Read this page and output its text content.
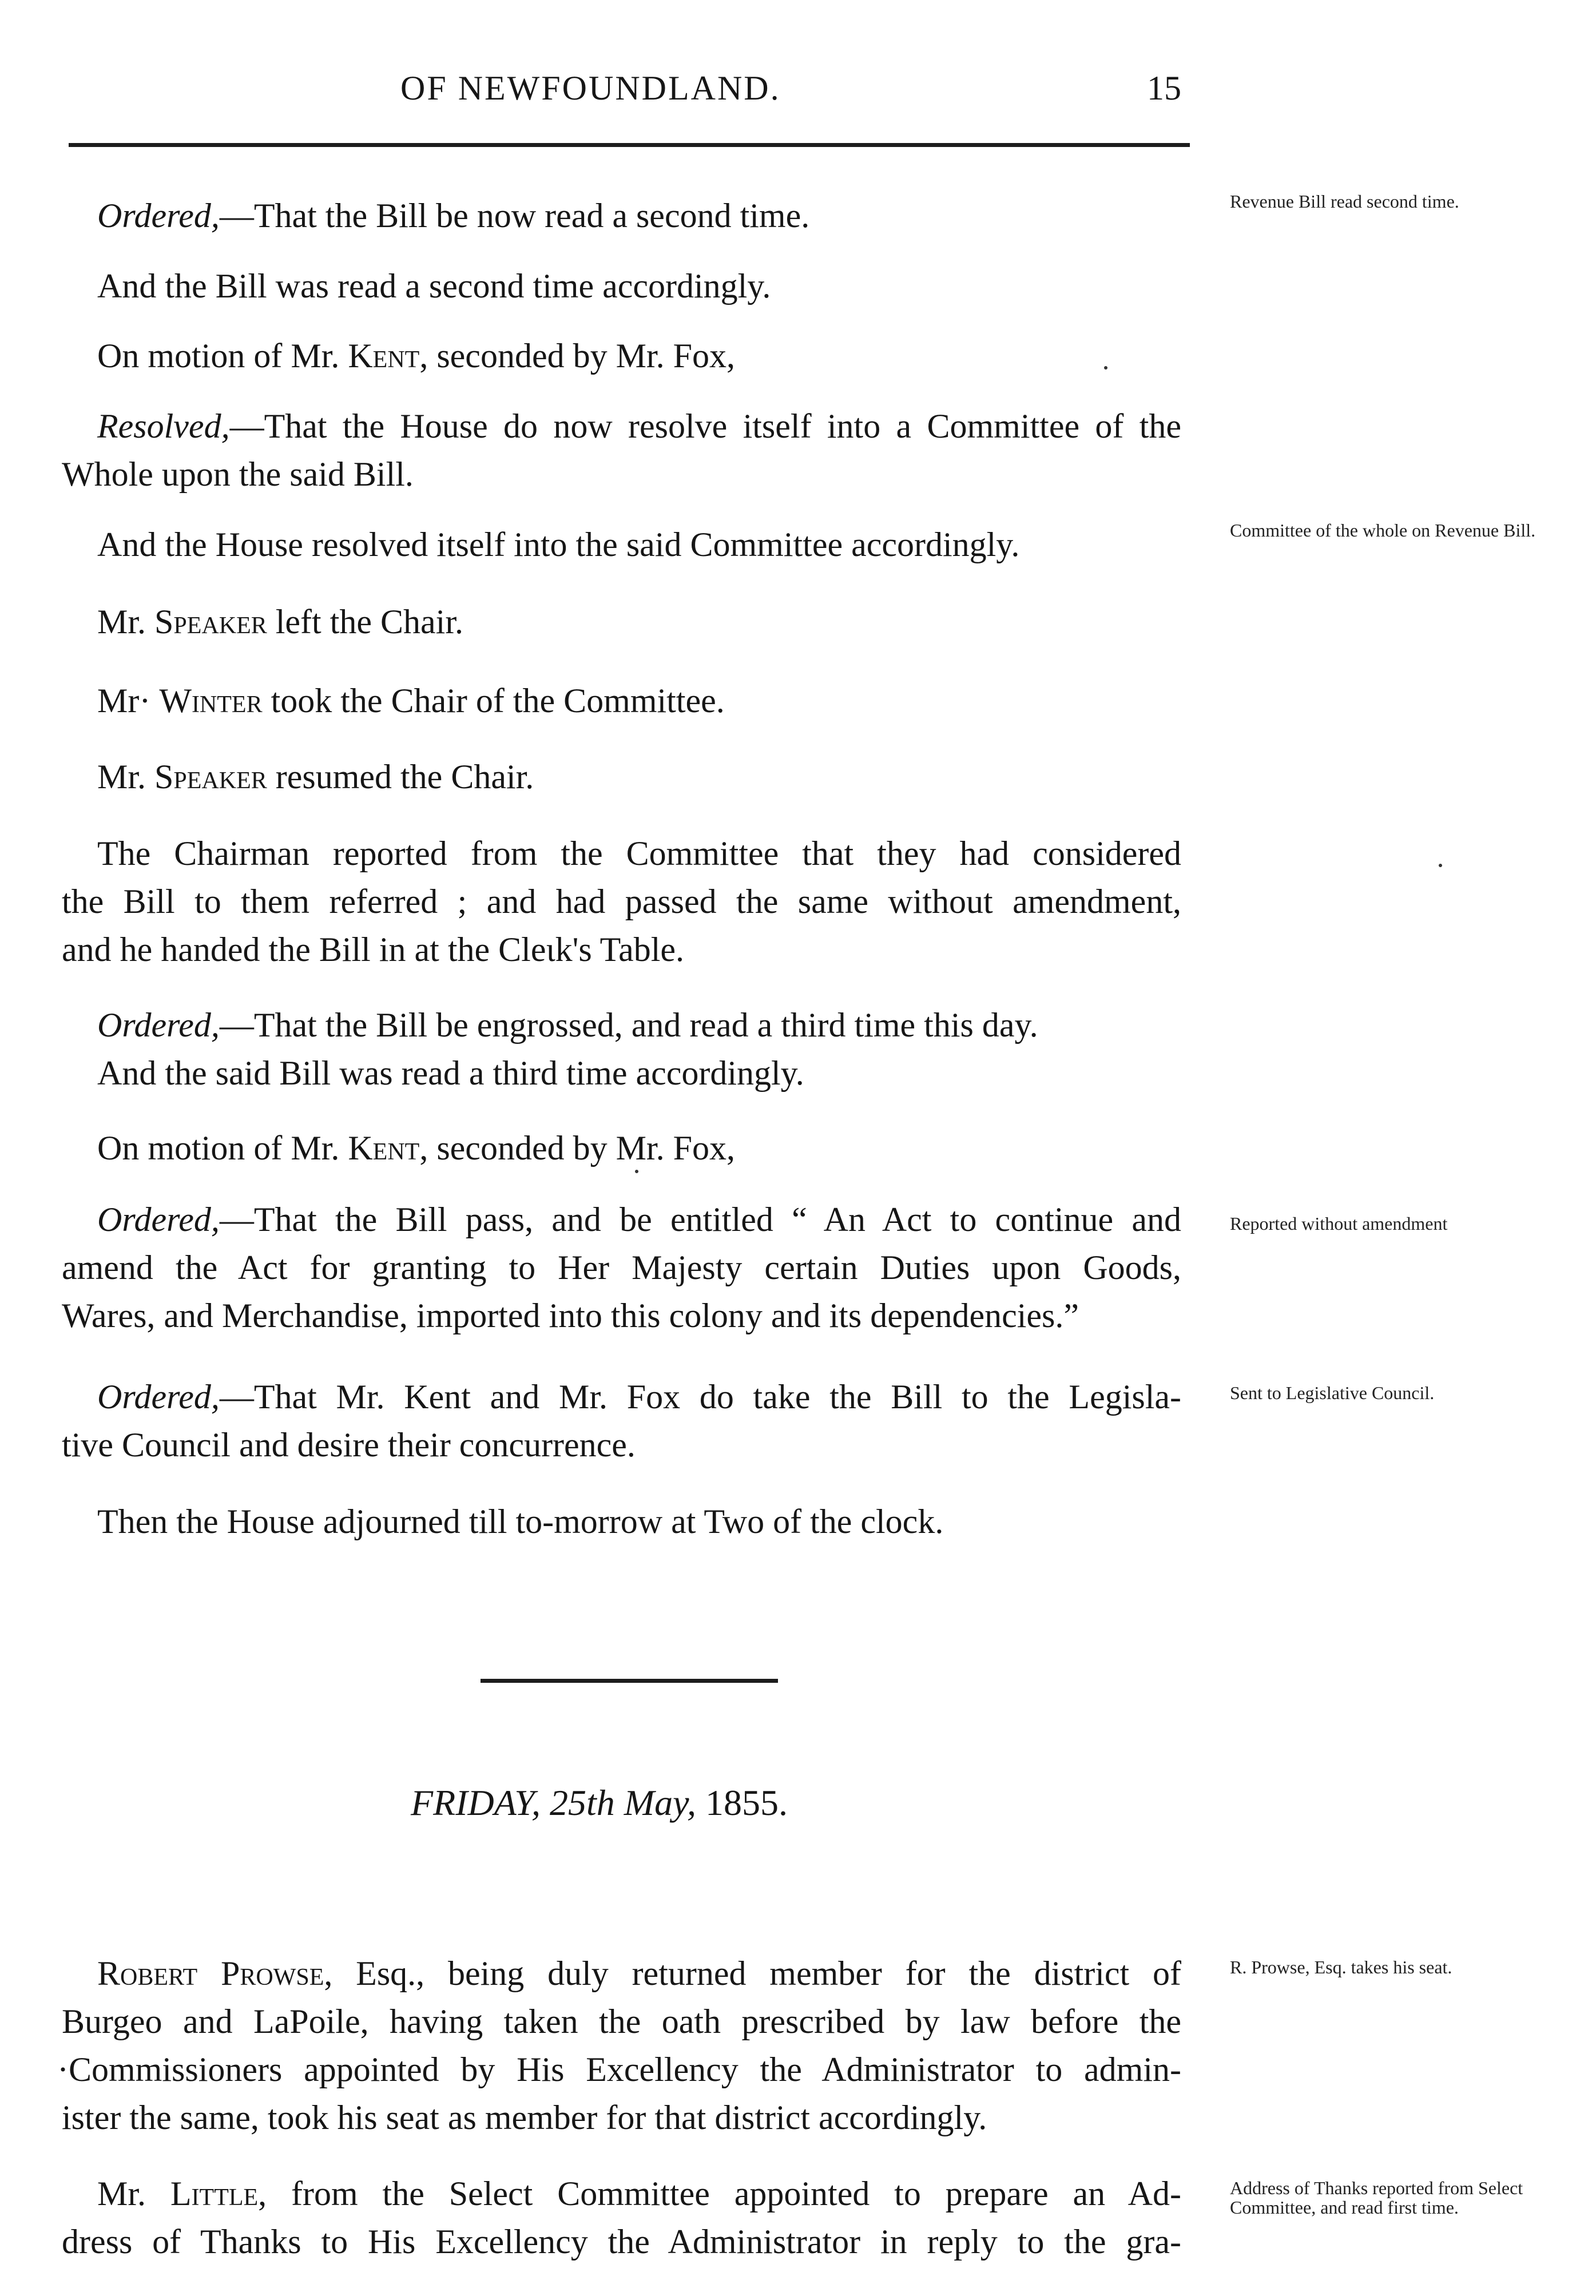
OF NEWFOUNDLAND.	15
Ordered,—That the Bill be now read a second time.
And the Bill was read a second time accordingly.
On motion of Mr. Kent, seconded by Mr. Fox,
Resolved,—That the House do now resolve itself into a Committee of the
Whole upon the said Bill.
And the House resolved itself into the said Committee accordingly.
Mr. Speaker left the Chair.
Mr· Winter took the Chair of the Committee.
Mr. Speaker resumed the Chair.
The Chairman reported from the Committee that they had considered
the Bill to them referred ; and had passed the same without amendment,
and he handed the Bill in at the Cleιk's Table.
Ordered,—That the Bill be engrossed, and read a third time this day.
And the said Bill was read a third time accordingly.
On motion of Mr. Kent, seconded by Mr. Fox,
Ordered,—That the Bill pass, and be entitled “ An Act to continue and
amend the Act for granting to Her Majesty certain Duties upon Goods,
Wares, and Merchandise, imported into this colony and its dependencies.”
Ordered,—That Mr. Kent and Mr. Fox do take the Bill to the Legisla-
tive Council and desire their concurrence.
Then the House adjourned till to-morrow at Two of the clock.
FRIDAY, 25th May, 1855.
Robert Prowse, Esq., being duly returned member for the district of
Burgeo and LaPoile, having taken the oath prescribed by law before the
·Commissioners appointed by His Excellency the Administrator to admin-
ister the same, took his seat as member for that district accordingly.
Mr. Little, from the Select Committee appointed to prepare an Ad-
dress of Thanks to His Excellency the Administrator in reply to the gra-
Revenue Bill read second time.
Committee of the whole on Revenue Bill.
Reported without amendment
Sent to Legislative Council.
R. Prowse, Esq. takes his seat.
Address of Thanks reported from Select Committee, and read first time.
